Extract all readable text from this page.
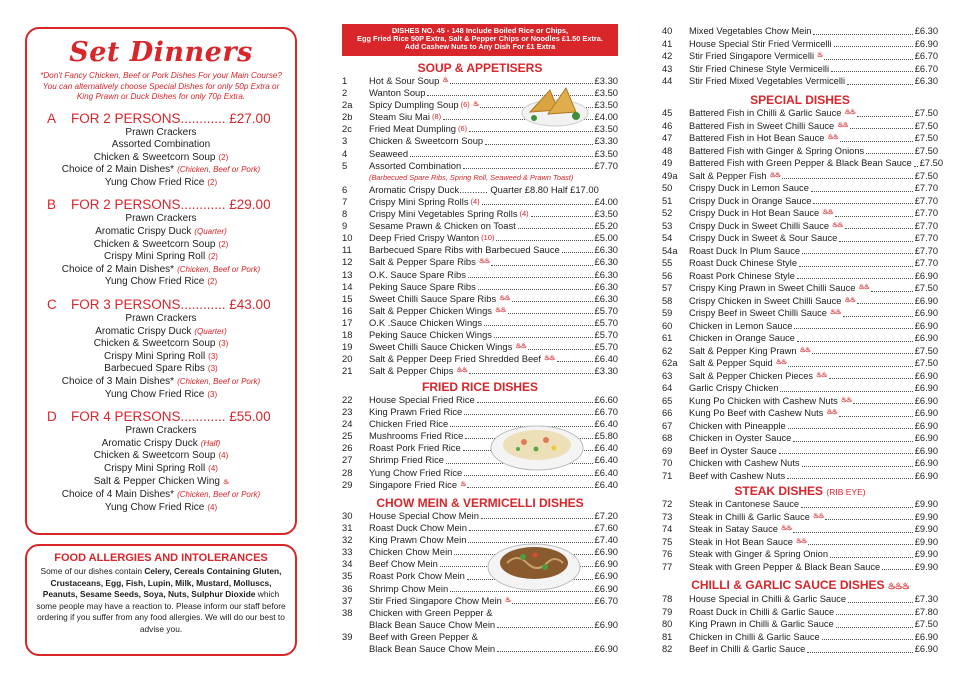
Set Dinners
*Don't Fancy Chicken, Beef or Pork Dishes For your Main Course? You can alternatively choose Special Dishes for only 50p Extra or King Prawn or Duck Dishes for only 70p Extra.
A	FOR 2 PERSONS............ £27.00
Prawn Crackers
Assorted Combination
Chicken & Sweetcorn Soup (2)
Choice of 2 Main Dishes* (Chicken, Beef or Pork)
Yung Chow Fried Rice (2)
B	FOR 2 PERSONS............ £29.00
Prawn Crackers
Aromatic Crispy Duck (Quarter)
Chicken & Sweetcorn Soup (2)
Crispy Mini Spring Roll (2)
Choice of 2 Main Dishes* (Chicken, Beef or Pork)
Yung Chow Fried Rice (2)
C	FOR 3 PERSONS............ £43.00
Prawn Crackers
Aromatic Crispy Duck (Quarter)
Chicken & Sweetcorn Soup (3)
Crispy Mini Spring Roll (3)
Barbecued Spare Ribs (3)
Choice of 3 Main Dishes* (Chicken, Beef or Pork)
Yung Chow Fried Rice (3)
D	FOR 4 PERSONS............ £55.00
Prawn Crackers
Aromatic Crispy Duck (Half)
Chicken & Sweetcorn Soup (4)
Crispy Mini Spring Roll (4)
Salt & Pepper Chicken Wing ♨
Choice of 4 Main Dishes* (Chicken, Beef or Pork)
Yung Chow Fried Rice (4)
FOOD ALLERGIES AND INTOLERANCES
Some of our dishes contain Celery, Cereals Containing Gluten, Crustaceans, Egg, Fish, Lupin, Milk, Mustard, Molluscs, Peanuts, Sesame Seeds, Soya, Nuts, Sulphur Dioxide which some people may have a reaction to. Please inform our staff before ordering if you suffer from any food allergies. We will do our best to advise you.
DISHES NO. 45 - 148 Include Boiled Rice or Chips,
Egg Fried Rice 50P Extra, Salt & Pepper Chips or Noodles £1.50 Extra.
Add Cashew Nuts to Any Dish For £1 Extra
SOUP & APPETISERS
1	Hot & Sour Soup ♨	£3.30
2	Wanton Soup	£3.50
2a	Spicy Dumpling Soup (6) ♨	£3.50
2b	Steam Siu Mai (8)	£4.00
2c	Fried Meat Dumpling (6)	£3.50
3	Chicken & Sweetcorn Soup	£3.30
4	Seaweed	£3.50
5	Assorted Combination	£7.70
(Barbecued Spare Ribs, Spring Roll, Seaweed & Prawn Toast)
6	Aromatic Crispy Duck........... Quarter £8.80 Half £17.00
7	Crispy Mini Spring Rolls (4)	£4.00
8	Crispy Mini Vegetables Spring Rolls (4)	£3.50
9	Sesame Prawn & Chicken on Toast	£5.20
10	Deep Fried Crispy Wanton (10)	£5.00
11	Barbecued Spare Ribs with Barbecued Sauce	£6.30
12	Salt & Pepper Spare Ribs ♨♨	£6.30
13	O.K. Sauce Spare Ribs	£6.30
14	Peking Sauce Spare Ribs	£6.30
15	Sweet Chilli Sauce Spare Ribs ♨♨	£6.30
16	Salt & Pepper Chicken Wings ♨♨	£5.70
17	O.K .Sauce Chicken Wings	£5.70
18	Peking Sauce Chicken Wings	£5.70
19	Sweet Chilli Sauce Chicken Wings ♨♨	£5.70
20	Salt & Pepper Deep Fried Shredded Beef ♨♨	£6.40
21	Salt & Pepper Chips ♨♨	£3.30
FRIED RICE DISHES
22	House Special Fried Rice	£6.60
23	King Prawn Fried Rice	£6.70
24	Chicken Fried Rice	£6.40
25	Mushrooms Fried Rice	£5.80
26	Roast Pork Fried Rice	£6.40
27	Shrimp Fried Rice	£6.40
28	Yung Chow Fried Rice	£6.40
29	Singapore Fried Rice ♨	£6.40
CHOW MEIN & VERMICELLI DISHES
30	House Special Chow Mein	£7.20
31	Roast Duck Chow Mein	£7.60
32	King Prawn Chow Mein	£7.40
33	Chicken Chow Mein	£6.90
34	Beef Chow Mein	£6.90
35	Roast Pork Chow Mein	£6.90
36	Shrimp Chow Mein	£6.90
37	Stir Fried Singapore Chow Mein ♨	£6.70
38	Chicken with Green Pepper &
Black Bean Sauce Chow Mein	£6.90
39	Beef with Green Pepper &
Black Bean Sauce Chow Mein	£6.90
40	Mixed Vegetables Chow Mein	£6.30
41	House Special Stir Fried Vermicelli	£6.90
42	Stir Fried Singapore Vermicelli ♨	£6.70
43	Stir Fried Chinese Style Vermicelli	£6.70
44	Stir Fried Mixed Vegetables Vermicelli	£6.30
SPECIAL DISHES
45	Battered Fish in Chilli & Garlic Sauce ♨♨	£7.50
46	Battered Fish in Sweet Chilli Sauce ♨♨	£7.50
47	Battered Fish in Hot Bean Sauce ♨♨	£7.50
48	Battered Fish with Ginger & Spring Onions	£7.50
49	Battered Fish with Green Pepper & Black Bean Sauce £7.50
49a	Salt & Pepper Fish ♨♨	£7.50
50	Crispy Duck in Lemon Sauce	£7.70
51	Crispy Duck in Orange Sauce	£7.70
52	Crispy Duck in Hot Bean Sauce ♨♨	£7.70
53	Crispy Duck in Sweet Chilli Sauce ♨♨	£7.70
54	Crispy Duck in Sweet & Sour Sauce	£7.70
54a	Roast Duck In Plum Sauce	£7.70
55	Roast Duck Chinese Style	£7.70
56	Roast Pork Chinese Style	£6.90
57	Crispy King Prawn in Sweet Chilli Sauce ♨♨	£7.50
58	Crispy Chicken in Sweet Chilli Sauce ♨♨	£6.90
59	Crispy Beef in Sweet Chilli Sauce ♨♨	£6.90
60	Chicken in Lemon Sauce	£6.90
61	Chicken in Orange Sauce	£6.90
62	Salt & Pepper King Prawn ♨♨	£7.50
62a	Salt & Pepper Squid ♨♨	£7.50
63	Salt & Pepper Chicken Pieces ♨♨	£6.90
64	Garlic Crispy Chicken	£6.90
65	Kung Po Chicken with Cashew Nuts ♨♨	£6.90
66	Kung Po Beef with Cashew Nuts ♨♨	£6.90
67	Chicken with Pineapple	£6.90
68	Chicken in Oyster Sauce	£6.90
69	Beef in Oyster Sauce	£6.90
70	Chicken with Cashew Nuts	£6.90
71	Beef with Cashew Nuts	£6.90
STEAK DISHES (RIB EYE)
72	Steak in Cantonese Sauce	£9.90
73	Steak in Chilli & Garlic Sauce ♨♨	£9.90
74	Steak in Satay Sauce ♨♨	£9.90
75	Steak in Hot Bean Sauce ♨♨	£9.90
76	Steak with Ginger & Spring Onion	£9.90
77	Steak with Green Pepper & Black Bean Sauce	£9.90
CHILLI & GARLIC SAUCE DISHES ♨♨♨
78	House Special in Chilli & Garlic Sauce	£7.30
79	Roast Duck in Chilli & Garlic Sauce	£7.80
80	King Prawn in Chilli & Garlic Sauce	£7.50
81	Chicken in Chilli & Garlic Sauce	£6.90
82	Beef in Chilli & Garlic Sauce	£6.90
